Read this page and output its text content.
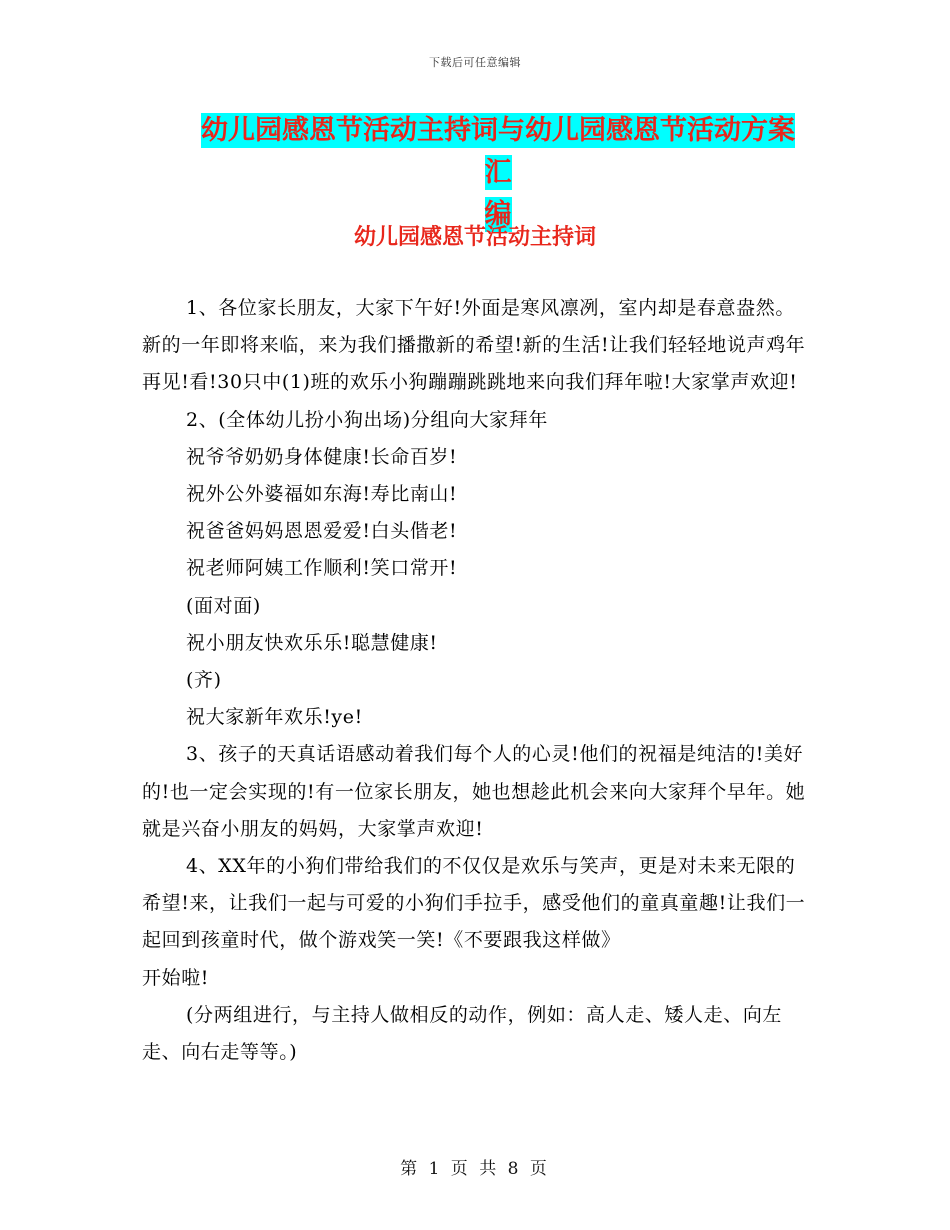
下载后可任意编辑
幼儿园感恩节活动主持词与幼儿园感恩节活动方案汇
编
幼儿园感恩节活动主持词

1、各位家长朋友，大家下午好!外面是寒风凛冽，室内却是春意盎然。新的一年即将来临，来为我们播撒新的希望!新的生活!让我们轻轻地说声鸡年再见!看!30只中(1)班的欢乐小狗蹦蹦跳跳地来向我们拜年啦!大家掌声欢迎!

2、(全体幼儿扮小狗出场)分组向大家拜年

祝爷爷奶奶身体健康!长命百岁!

祝外公外婆福如东海!寿比南山!

祝爸爸妈妈恩恩爱爱!白头偕老!

祝老师阿姨工作顺利!笑口常开!

(面对面)

祝小朋友快欢乐乐!聪慧健康!

(齐)

祝大家新年欢乐!ye!

3、孩子的天真话语感动着我们每个人的心灵!他们的祝福是纯洁的!美好的!也一定会实现的!有一位家长朋友，她也想趁此机会来向大家拜个早年。她就是兴奋小朋友的妈妈，大家掌声欢迎!

4、XX年的小狗们带给我们的不仅仅是欢乐与笑声，更是对未来无限的希望!来，让我们一起与可爱的小狗们手拉手，感受他们的童真童趣!让我们一起回到孩童时代，做个游戏笑一笑!《不要跟我这样做》

开始啦!

(分两组进行，与主持人做相反的动作，例如：高人走、矮人走、向左走、向右走等等。)

第 1 页 共 8 页
